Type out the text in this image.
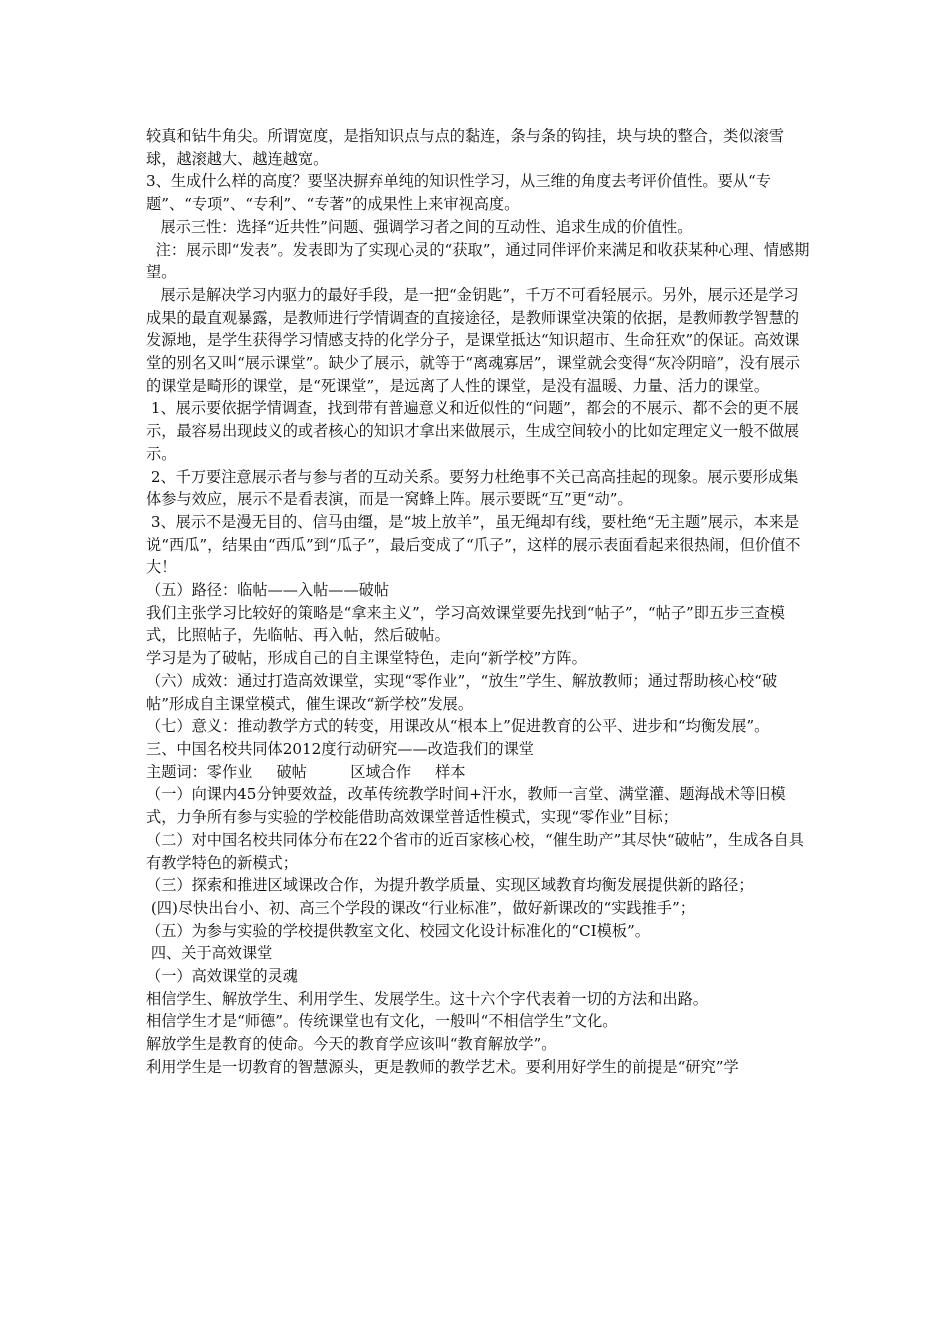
较真和钻牛角尖。所谓宽度，是指知识点与点的黏连，条与条的钩挂，块与块的整合，类似滚雪球，越滚越大、越连越宽。

3、生成什么样的高度？要坚决摒弃单纯的知识性学习，从三维的角度去考评价值性。要从“专题”、“专项”、“专利”、“专著”的成果性上来审视高度。

展示三性：选择“近共性”问题、强调学习者之间的互动性、追求生成的价值性。

注：展示即“发表”。发表即为了实现心灵的“获取”，通过同伴评价来满足和收获某种心理、情感期望。

展示是解决学习内驱力的最好手段，是一把“金钥匙”，千万不可看轻展示。另外，展示还是学习成果的最直观暴露，是教师进行学情调查的直接途径，是教师课堂决策的依据，是教师教学智慧的发源地，是学生获得学习情感支持的化学分子，是课堂抵达“知识超市、生命狂欢”的保证。高效课堂的别名又叫“展示课堂”。缺少了展示，就等于“离魂寡居”，课堂就会变得“灰冷阴暗”，没有展示的课堂是畸形的课堂，是“死课堂”，是远离了人性的课堂，是没有温暖、力量、活力的课堂。

1、展示要依据学情调查，找到带有普遍意义和近似性的“问题”，都会的不展示、都不会的更不展示，最容易出现歧义的或者核心的知识才拿出来做展示，生成空间较小的比如定理定义一般不做展示。

2、千万要注意展示者与参与者的互动关系。要努力杜绝事不关己高高挂起的现象。展示要形成集体参与效应，展示不是看表演，而是一窝蜂上阵。展示要既“互”更“动”。

3、展示不是漫无目的、信马由缰，是“坡上放羊”，虽无绳却有线，要杜绝“无主题”展示，本来是说“西瓜”，结果由“西瓜”到“瓜子”，最后变成了“爪子”，这样的展示表面看起来很热闹，但价值不大！

（五）路径：临帖——入帖——破帖

我们主张学习比较好的策略是“拿来主义”，学习高效课堂要先找到“帖子”，“帖子”即五步三查模式，比照帖子，先临帖、再入帖，然后破帖。

学习是为了破帖，形成自己的自主课堂特色，走向“新学校”方阵。

（六）成效：通过打造高效课堂，实现“零作业”，“放生”学生、解放教师；通过帮助核心校“破帖”形成自主课堂模式，催生课改“新学校”发展。

（七）意义：推动教学方式的转变，用课改从“根本上”促进教育的公平、进步和“均衡发展”。

三、中国名校共同体2012度行动研究——改造我们的课堂

主题词：零作业     破帖         区域合作     样本

（一）向课内45分钟要效益，改革传统教学时间+汗水，教师一言堂、满堂灌、题海战术等旧模式，力争所有参与实验的学校能借助高效课堂普适性模式，实现“零作业”目标；

（二）对中国名校共同体分布在22个省市的近百家核心校，“催生助产”其尽快“破帖”，生成各自具有教学特色的新模式；

（三）探索和推进区域课改合作，为提升教学质量、实现区域教育均衡发展提供新的路径；

(四)尽快出台小、初、高三个学段的课改“行业标准”，做好新课改的“实践推手”；

（五）为参与实验的学校提供教室文化、校园文化设计标准化的“CI模板”。

四、关于高效课堂

（一）高效课堂的灵魂

相信学生、解放学生、利用学生、发展学生。这十六个字代表着一切的方法和出路。

相信学生才是“师德”。传统课堂也有文化，一般叫“不相信学生”文化。

解放学生是教育的使命。今天的教育学应该叫“教育解放学”。

利用学生是一切教育的智慧源头，更是教师的教学艺术。要利用好学生的前提是“研究”学
